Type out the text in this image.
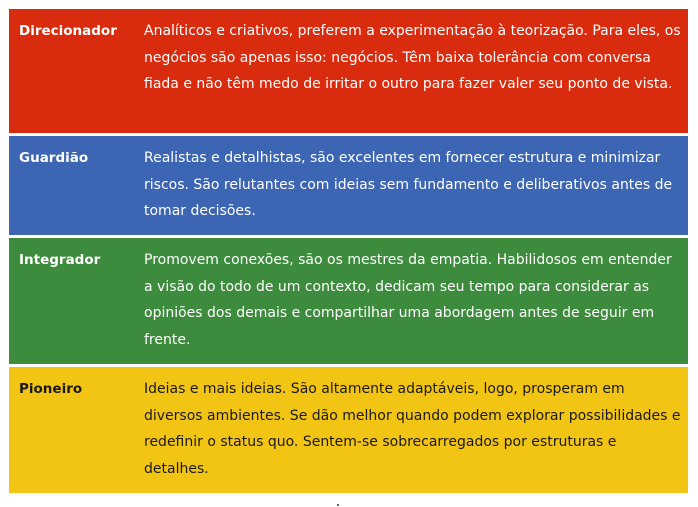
Direcionador	Analíticos e criativos, preferem a experimentação à teorização. Para eles, os negócios são apenas isso: negócios. Têm baixa tolerância com conversa fiada e não têm medo de irritar o outro para fazer valer seu ponto de vista.
Guardião	Realistas e detalhistas, são excelentes em fornecer estrutura e minimizar riscos. São relutantes com ideias sem fundamento e deliberativos antes de tomar decisões.
Integrador	Promovem conexões, são os mestres da empatia. Habilidosos em entender a visão do todo de um contexto, dedicam seu tempo para considerar as opiniões dos demais e compartilhar uma abordagem antes de seguir em frente.
Pioneiro	Ideias e mais ideias. São altamente adaptáveis, logo, prosperam em diversos ambientes. Se dão melhor quando podem explorar possibilidades e redefinir o status quo. Sentem-se sobrecarregados por estruturas e detalhes.
